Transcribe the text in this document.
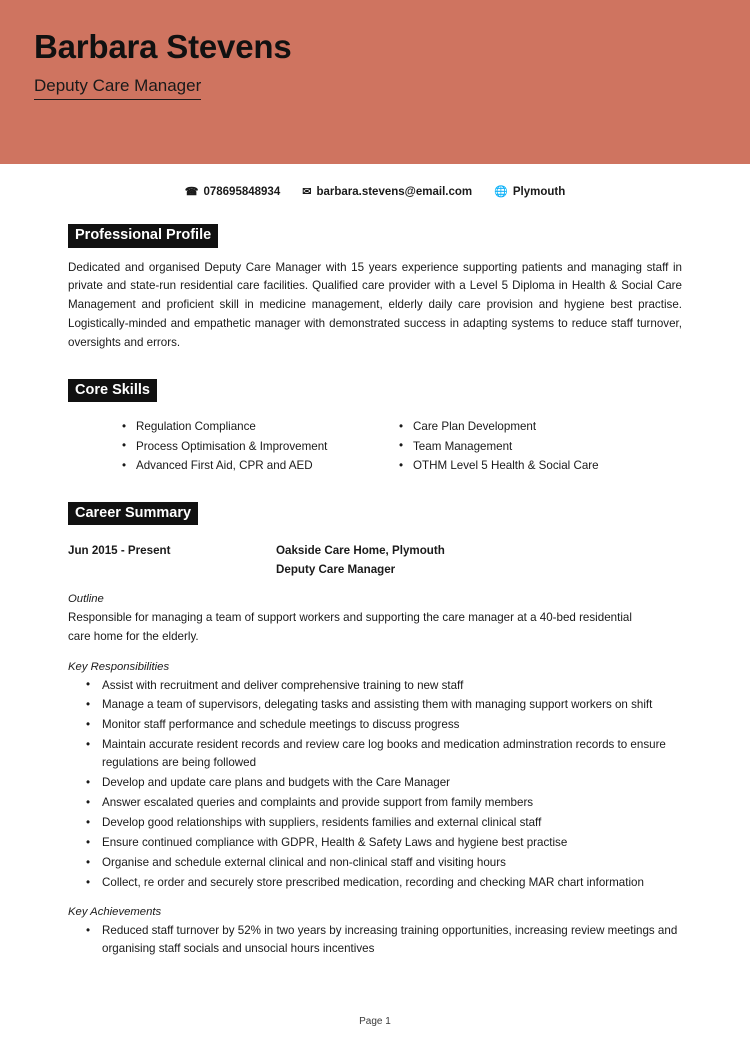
Barbara Stevens
Deputy Care Manager
☎ 078695848934 ✉ barbara.stevens@email.com 🌐 Plymouth
Professional Profile

Dedicated and organised Deputy Care Manager with 15 years experience supporting patients and managing staff in private and state-run residential care facilities. Qualified care provider with a Level 5 Diploma in Health & Social Care Management and proficient skill in medicine management, elderly daily care provision and hygiene best practise. Logistically-minded and empathetic manager with demonstrated success in adapting systems to reduce staff turnover, oversights and errors.

Core Skills
• Regulation Compliance
• Process Optimisation & Improvement
• Advanced First Aid, CPR and AED
• Care Plan Development
• Team Management
• OTHM Level 5 Health & Social Care
Career Summary
Jun 2015 - Present	Oakside Care Home, Plymouth
Deputy Care Manager
Outline

Responsible for managing a team of support workers and supporting the care manager at a 40-bed residential care home for the elderly.

Key Responsibilities
• Assist with recruitment and deliver comprehensive training to new staff
• Manage a team of supervisors, delegating tasks and assisting them with managing support workers on shift
• Monitor staff performance and schedule meetings to discuss progress
• Maintain accurate resident records and review care log books and medication adminstration records to ensure regulations are being followed
• Develop and update care plans and budgets with the Care Manager
• Answer escalated queries and complaints and provide support from family members
• Develop good relationships with suppliers, residents families and external clinical staff
• Ensure continued compliance with GDPR, Health & Safety Laws and hygiene best practise
• Organise and schedule external clinical and non-clinical staff and visiting hours
• Collect, re order and securely store prescribed medication, recording and checking MAR chart information
Key Achievements
• Reduced staff turnover by 52% in two years by increasing training opportunities, increasing review meetings and organising staff socials and unsocial hours incentives
Page 1
